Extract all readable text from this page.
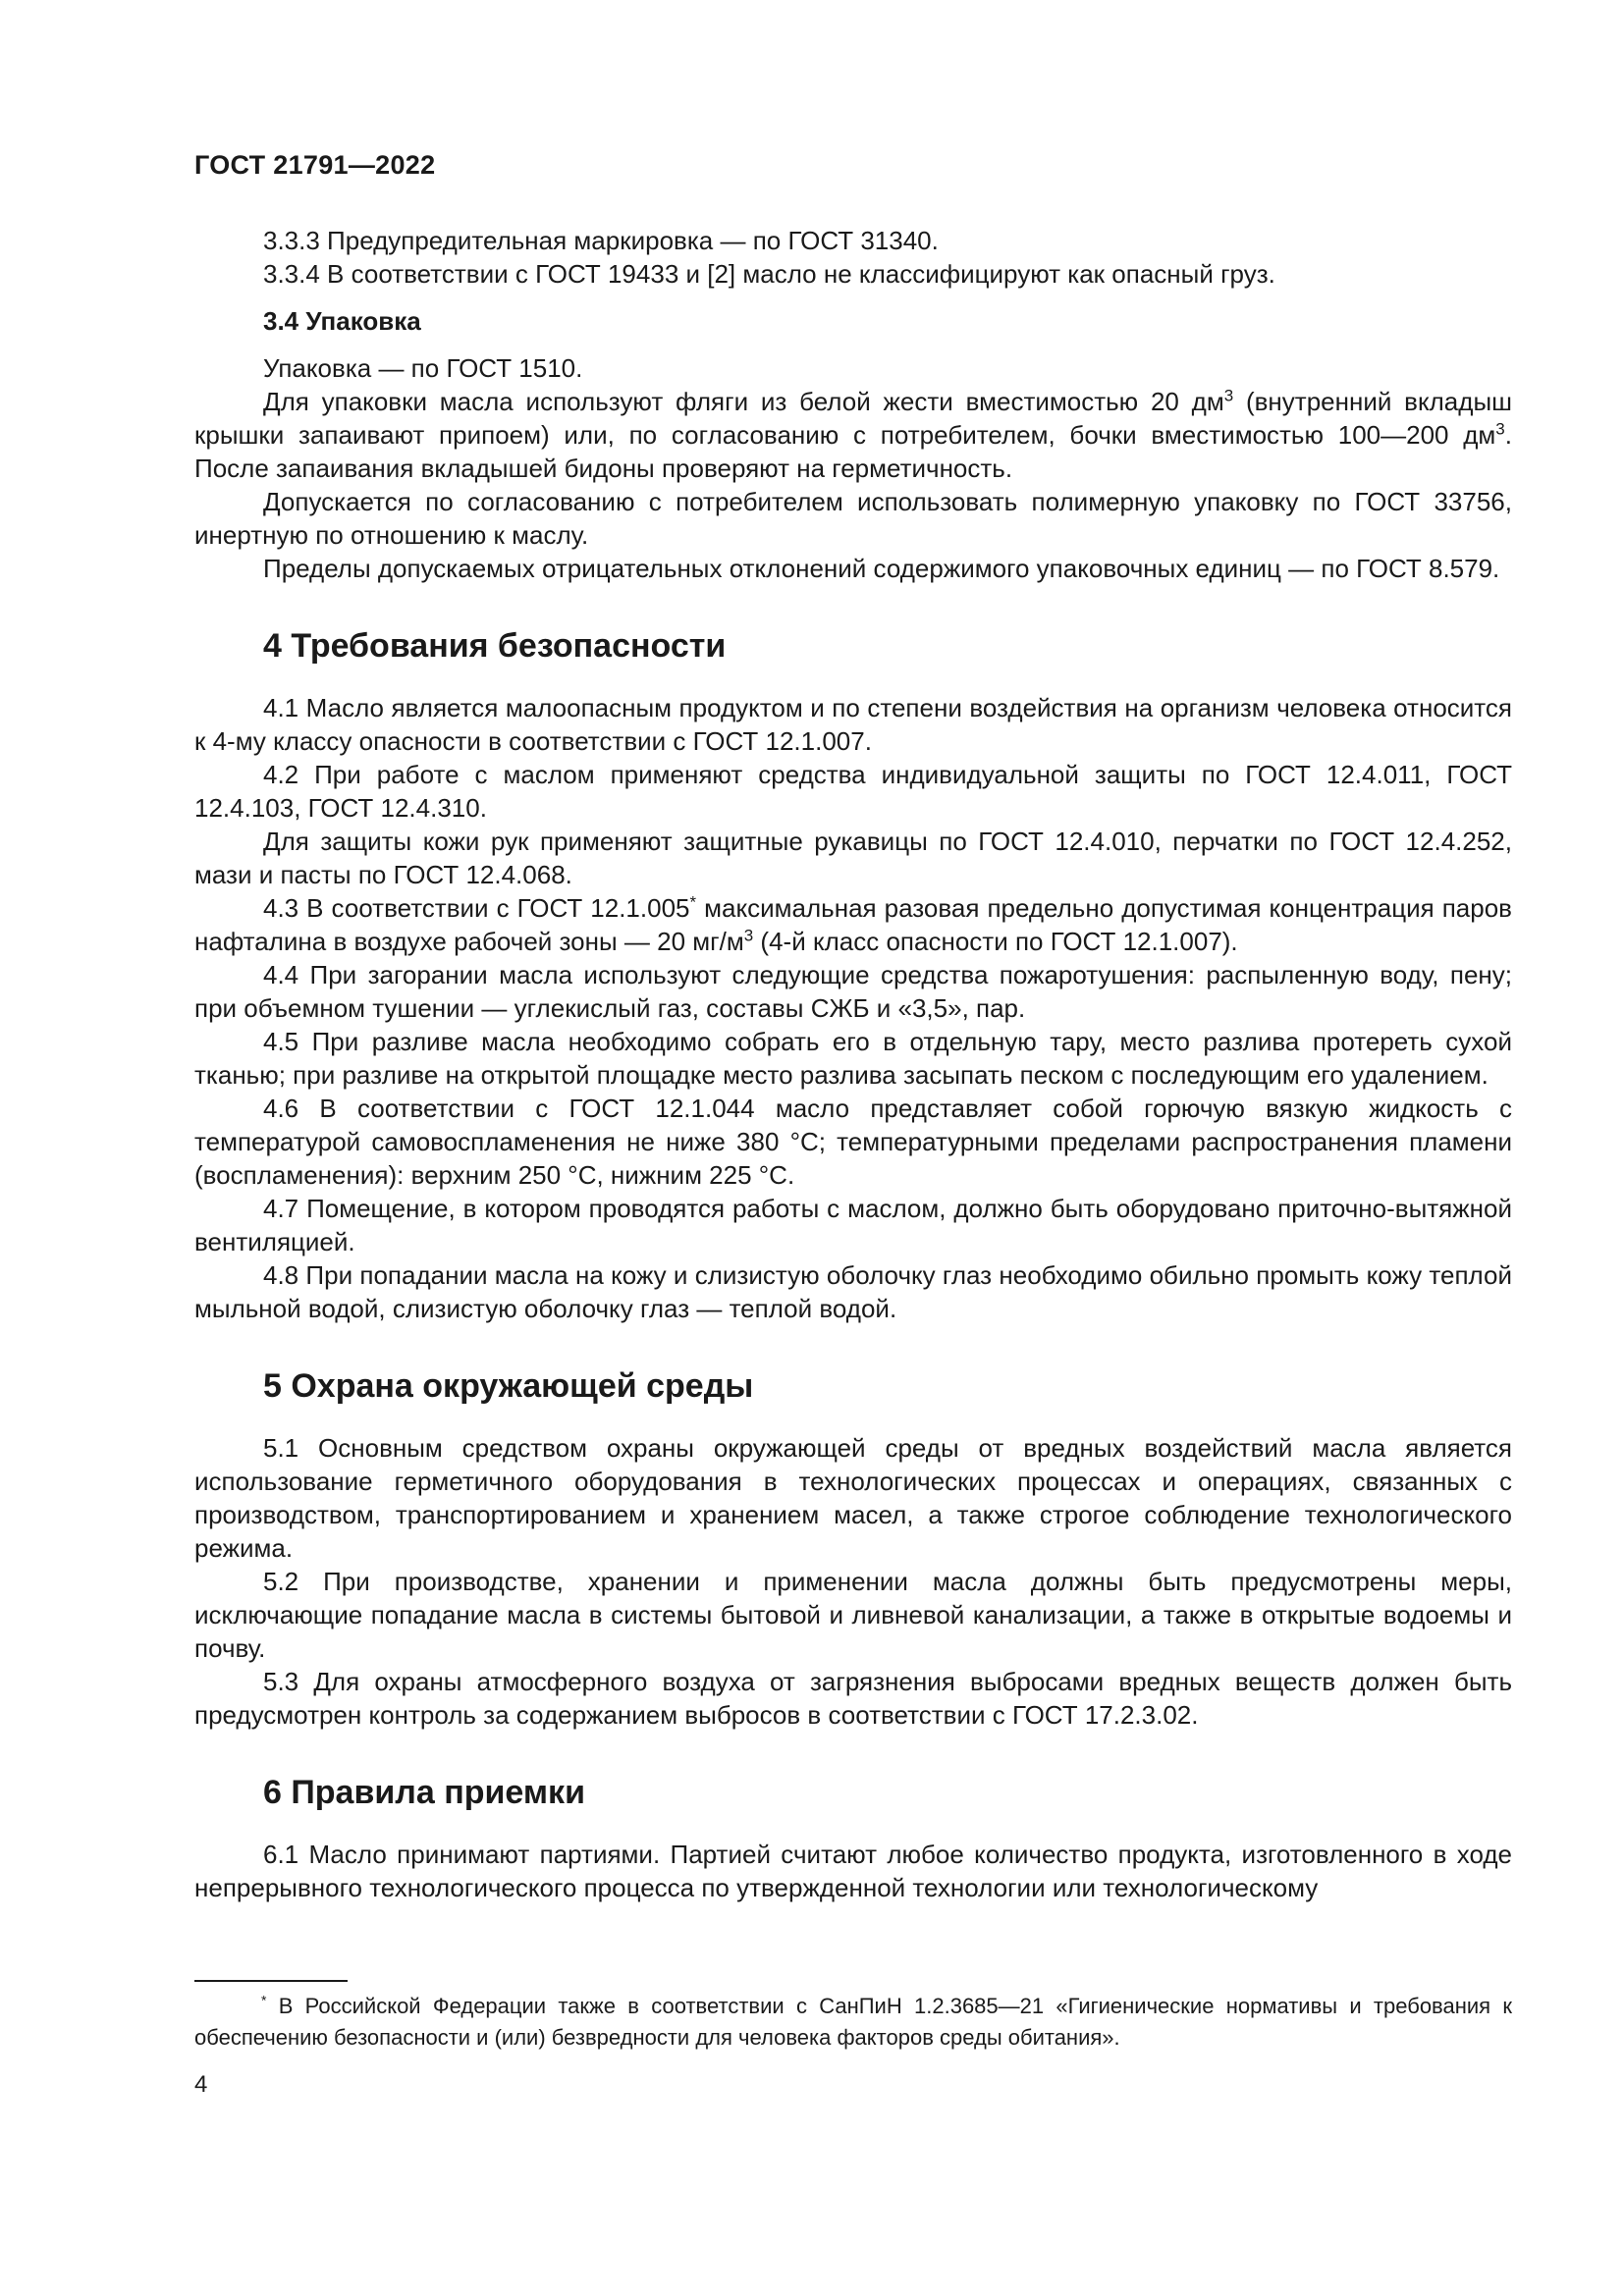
ГОСТ 21791—2022

3.3.3 Предупредительная маркировка — по ГОСТ 31340.

3.3.4 В соответствии с ГОСТ 19433 и [2] масло не классифицируют как опасный груз.

3.4 Упаковка

Упаковка — по ГОСТ 1510.

Для упаковки масла используют фляги из белой жести вместимостью 20 $дм^3$ (внутренний вкладыш крышки запаивают припоем) или, по согласованию с потребителем, бочки вместимостью 100—200 $дм^3$. После запаивания вкладышей бидоны проверяют на герметичность.

Допускается по согласованию с потребителем использовать полимерную упаковку по ГОСТ 33756, инертную по отношению к маслу.

Пределы допускаемых отрицательных отклонений содержимого упаковочных единиц — по ГОСТ 8.579.

4 Требования безопасности

4.1 Масло является малоопасным продуктом и по степени воздействия на организм человека относится к 4-му классу опасности в соответствии с ГОСТ 12.1.007.

4.2 При работе с маслом применяют средства индивидуальной защиты по ГОСТ 12.4.011, ГОСТ 12.4.103, ГОСТ 12.4.310.

Для защиты кожи рук применяют защитные рукавицы по ГОСТ 12.4.010, перчатки по ГОСТ 12.4.252, мази и пасты по ГОСТ 12.4.068.

4.3 В соответствии с ГОСТ 12.1.005* максимальная разовая предельно допустимая концентрация паров нафталина в воздухе рабочей зоны — 20 $мг/м^3$ (4-й класс опасности по ГОСТ 12.1.007).

4.4 При загорании масла используют следующие средства пожаротушения: распыленную воду, пену; при объемном тушении — углекислый газ, составы СЖБ и «3,5», пар.

4.5 При разливе масла необходимо собрать его в отдельную тару, место разлива протереть сухой тканью; при разливе на открытой площадке место разлива засыпать песком с последующим его удалением.

4.6 В соответствии с ГОСТ 12.1.044 масло представляет собой горючую вязкую жидкость с температурой самовоспламенения не ниже 380 °С; температурными пределами распространения пламени (воспламенения): верхним 250 °С, нижним 225 °С.

4.7 Помещение, в котором проводятся работы с маслом, должно быть оборудовано приточно-вытяжной вентиляцией.

4.8 При попадании масла на кожу и слизистую оболочку глаз необходимо обильно промыть кожу теплой мыльной водой, слизистую оболочку глаз — теплой водой.

5 Охрана окружающей среды

5.1 Основным средством охраны окружающей среды от вредных воздействий масла является использование герметичного оборудования в технологических процессах и операциях, связанных с производством, транспортированием и хранением масел, а также строгое соблюдение технологического режима.

5.2 При производстве, хранении и применении масла должны быть предусмотрены меры, исключающие попадание масла в системы бытовой и ливневой канализации, а также в открытые водоемы и почву.

5.3 Для охраны атмосферного воздуха от загрязнения выбросами вредных веществ должен быть предусмотрен контроль за содержанием выбросов в соответствии с ГОСТ 17.2.3.02.

6 Правила приемки

6.1 Масло принимают партиями. Партией считают любое количество продукта, изготовленного в ходе непрерывного технологического процесса по утвержденной технологии или технологическому

* В Российской Федерации также в соответствии с СанПиН 1.2.3685—21 «Гигиенические нормативы и требования к обеспечению безопасности и (или) безвредности для человека факторов среды обитания».
4
